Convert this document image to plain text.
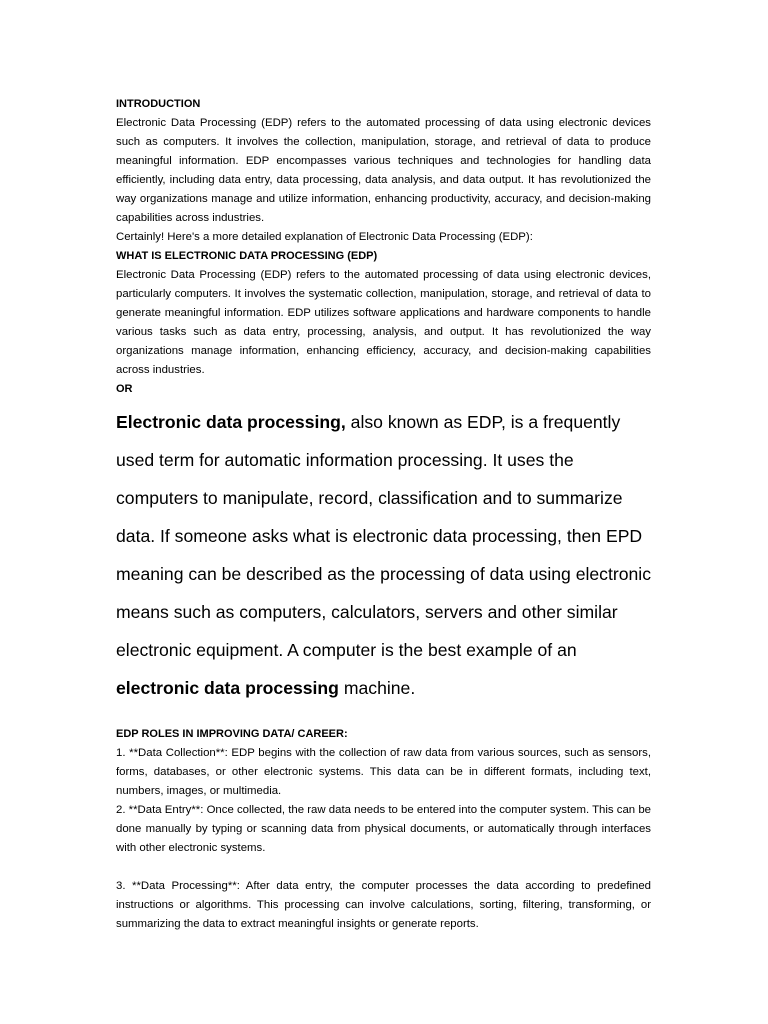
INTRODUCTION

Electronic Data Processing (EDP) refers to the automated processing of data using electronic devices such as computers. It involves the collection, manipulation, storage, and retrieval of data to produce meaningful information. EDP encompasses various techniques and technologies for handling data efficiently, including data entry, data processing, data analysis, and data output. It has revolutionized the way organizations manage and utilize information, enhancing productivity, accuracy, and decision-making capabilities across industries.

Certainly! Here's a more detailed explanation of Electronic Data Processing (EDP):

WHAT IS ELECTRONIC DATA PROCESSING (EDP)

Electronic Data Processing (EDP) refers to the automated processing of data using electronic devices, particularly computers. It involves the systematic collection, manipulation, storage, and retrieval of data to generate meaningful information. EDP utilizes software applications and hardware components to handle various tasks such as data entry, processing, analysis, and output. It has revolutionized the way organizations manage information, enhancing efficiency, accuracy, and decision-making capabilities across industries.

OR

Electronic data processing, also known as EDP, is a frequently used term for automatic information processing. It uses the computers to manipulate, record, classification and to summarize data. If someone asks what is electronic data processing, then EPD meaning can be described as the processing of data using electronic means such as computers, calculators, servers and other similar electronic equipment. A computer is the best example of an electronic data processing machine.

EDP ROLES IN IMPROVING DATA/ CAREER:

1. **Data Collection**: EDP begins with the collection of raw data from various sources, such as sensors, forms, databases, or other electronic systems. This data can be in different formats, including text, numbers, images, or multimedia.

2. **Data Entry**: Once collected, the raw data needs to be entered into the computer system. This can be done manually by typing or scanning data from physical documents, or automatically through interfaces with other electronic systems.

3. **Data Processing**: After data entry, the computer processes the data according to predefined instructions or algorithms. This processing can involve calculations, sorting, filtering, transforming, or summarizing the data to extract meaningful insights or generate reports.
